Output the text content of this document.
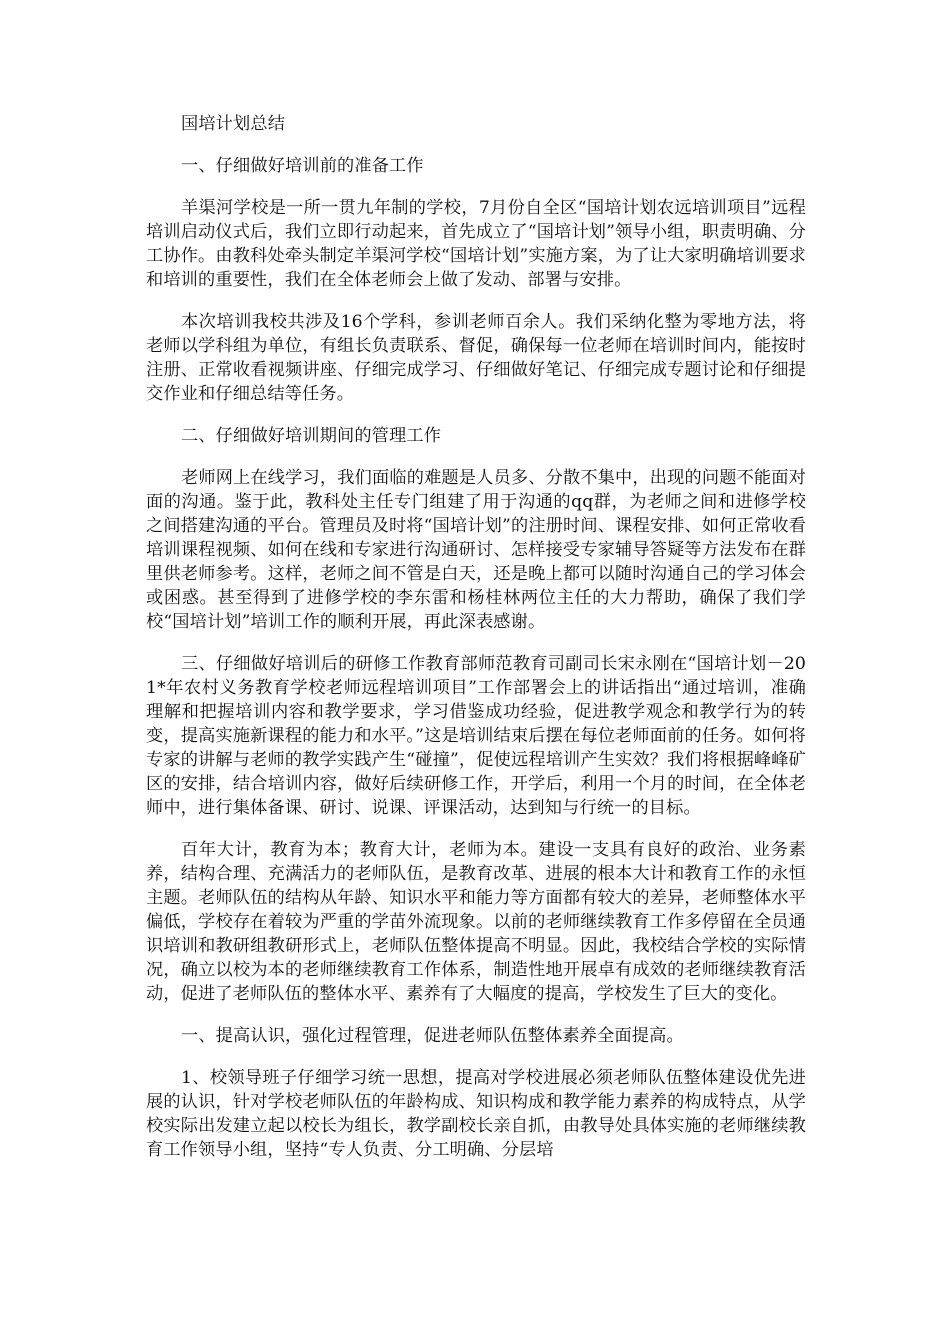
国培计划总结
一、仔细做好培训前的准备工作
羊渠河学校是一所一贯九年制的学校，7月份自全区“国培计划农远培训项目”远程培训启动仪式后，我们立即行动起来，首先成立了“国培计划”领导小组，职责明确、分工协作。由教科处牵头制定羊渠河学校“国培计划”实施方案，为了让大家明确培训要求和培训的重要性，我们在全体老师会上做了发动、部署与安排。
本次培训我校共涉及16个学科，参训老师百余人。我们采纳化整为零地方法，将老师以学科组为单位，有组长负责联系、督促，确保每一位老师在培训时间内，能按时注册、正常收看视频讲座、仔细完成学习、仔细做好笔记、仔细完成专题讨论和仔细提交作业和仔细总结等任务。
二、仔细做好培训期间的管理工作
老师网上在线学习，我们面临的难题是人员多、分散不集中，出现的问题不能面对面的沟通。鉴于此，教科处主任专门组建了用于沟通的qq群，为老师之间和进修学校之间搭建沟通的平台。管理员及时将“国培计划”的注册时间、课程安排、如何正常收看培训课程视频、如何在线和专家进行沟通研讨、怎样接受专家辅导答疑等方法发布在群里供老师参考。这样，老师之间不管是白天，还是晚上都可以随时沟通自己的学习体会或困惑。甚至得到了进修学校的李东雷和杨桂林两位主任的大力帮助，确保了我们学校“国培计划”培训工作的顺利开展，再此深表感谢。
三、仔细做好培训后的研修工作教育部师范教育司副司长宋永刚在“国培计划－201*年农村义务教育学校老师远程培训项目”工作部署会上的讲话指出“通过培训，准确理解和把握培训内容和教学要求，学习借鉴成功经验，促进教学观念和教学行为的转变，提高实施新课程的能力和水平。”这是培训结束后摆在每位老师面前的任务。如何将专家的讲解与老师的教学实践产生“碰撞”，促使远程培训产生实效？我们将根据峰峰矿区的安排，结合培训内容，做好后续研修工作，开学后，利用一个月的时间，在全体老师中，进行集体备课、研讨、说课、评课活动，达到知与行统一的目标。
百年大计，教育为本；教育大计，老师为本。建设一支具有良好的政治、业务素养，结构合理、充满活力的老师队伍，是教育改革、进展的根本大计和教育工作的永恒主题。老师队伍的结构从年龄、知识水平和能力等方面都有较大的差异，老师整体水平偏低，学校存在着较为严重的学苗外流现象。以前的老师继续教育工作多停留在全员通识培训和教研组教研形式上，老师队伍整体提高不明显。因此，我校结合学校的实际情况，确立以校为本的老师继续教育工作体系，制造性地开展卓有成效的老师继续教育活动，促进了老师队伍的整体水平、素养有了大幅度的提高，学校发生了巨大的变化。
一、提高认识，强化过程管理，促进老师队伍整体素养全面提高。
1、校领导班子仔细学习统一思想，提高对学校进展必须老师队伍整体建设优先进展的认识，针对学校老师队伍的年龄构成、知识构成和教学能力素养的构成特点，从学校实际出发建立起以校长为组长，教学副校长亲自抓，由教导处具体实施的老师继续教育工作领导小组，坚持“专人负责、分工明确、分层培
